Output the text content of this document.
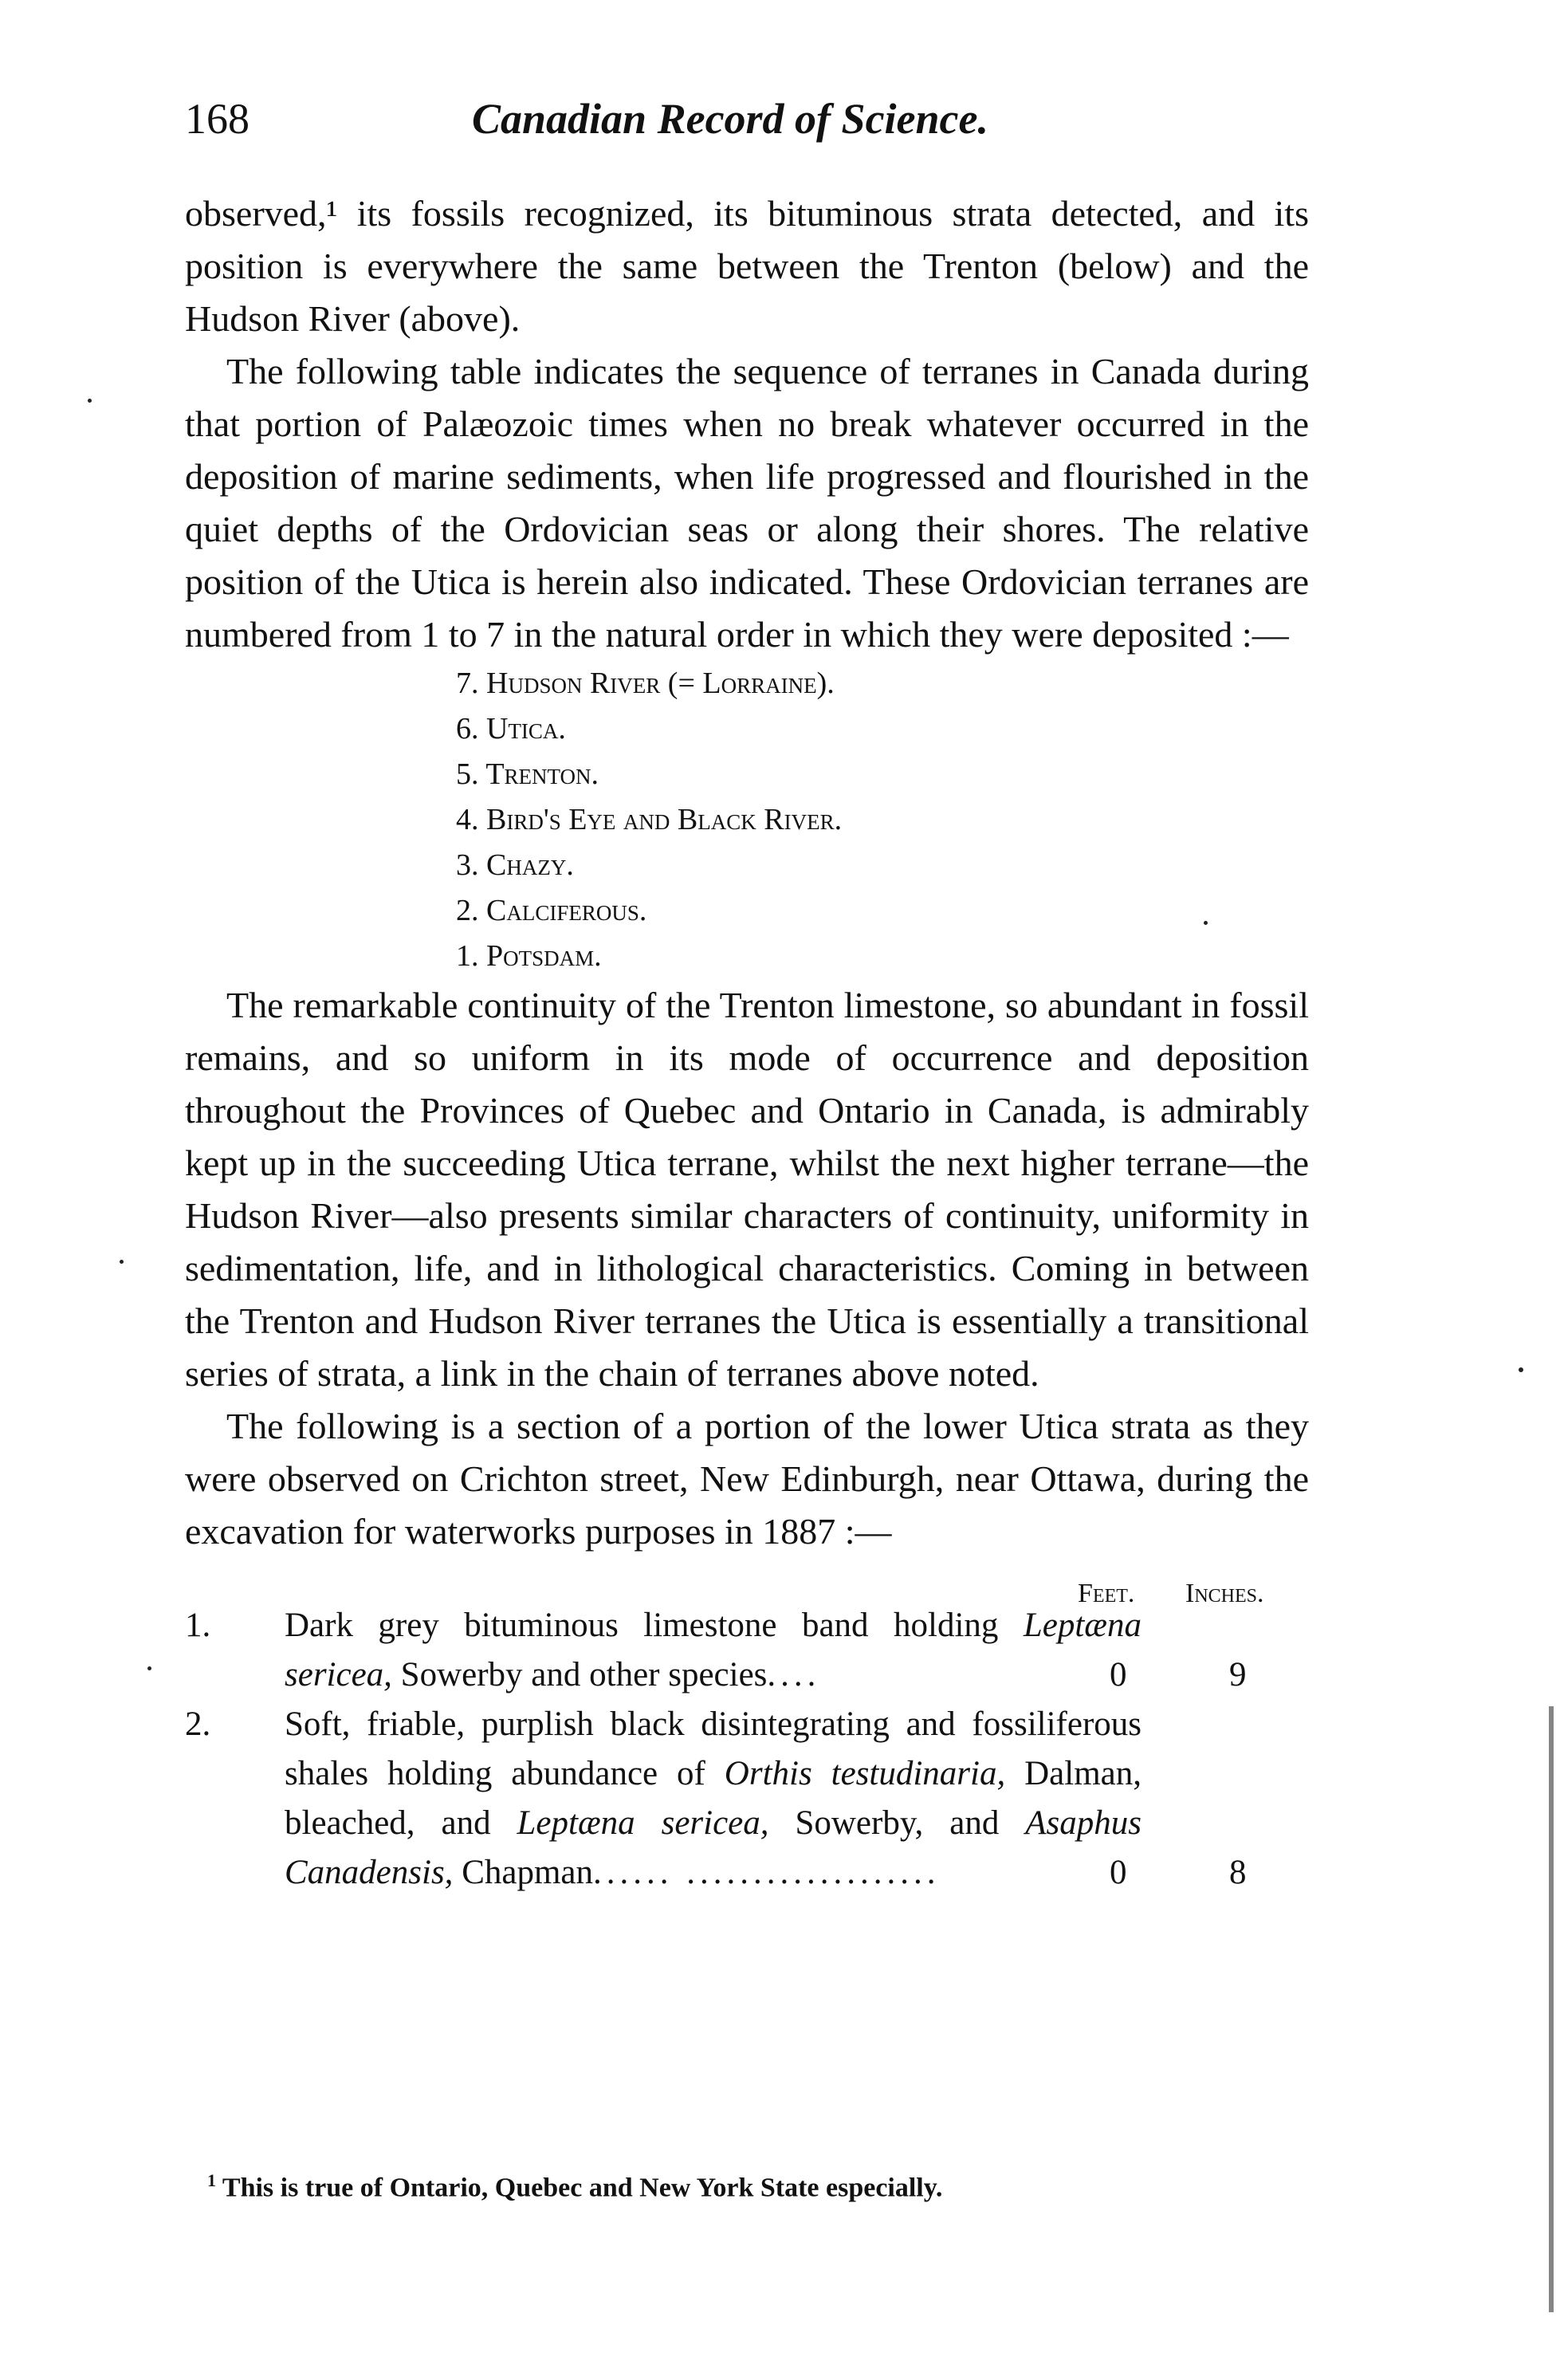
168	Canadian Record of Science.

observed,¹ its fossils recognized, its bituminous strata detected, and its position is everywhere the same between the Trenton (below) and the Hudson River (above).

The following table indicates the sequence of terranes in Canada during that portion of Palæozoic times when no break whatever occurred in the deposition of marine sediments, when life progressed and flourished in the quiet depths of the Ordovician seas or along their shores. The relative position of the Utica is herein also indicated. These Ordovician terranes are numbered from 1 to 7 in the natural order in which they were deposited :—

7. Hudson River (= Lorraine).
6. Utica.
5. Trenton.
4. Bird's Eye and Black River.
3. Chazy.
2. Calciferous.
1. Potsdam.

The remarkable continuity of the Trenton limestone, so abundant in fossil remains, and so uniform in its mode of occurrence and deposition throughout the Provinces of Quebec and Ontario in Canada, is admirably kept up in the succeeding Utica terrane, whilst the next higher terrane—the Hudson River—also presents similar characters of continuity, uniformity in sedimentation, life, and in lithological characteristics. Coming in between the Trenton and Hudson River terranes the Utica is essentially a transitional series of strata, a link in the chain of terranes above noted.

The following is a section of a portion of the lower Utica strata as they were observed on Crichton street, New Edinburgh, near Ottawa, during the excavation for waterworks purposes in 1887 :—

Feet. Inches.
1. Dark grey bituminous limestone band holding Leptæna sericea, Sowerby and other species....	0	9
2. Soft, friable, purplish black disintegrating and fossiliferous shales holding abundance of Orthis testudinaria, Dalman, bleached, and Leptæna sericea, Sowerby, and Asaphus Canadensis, Chapman...... ...................	0	8
$^1$ This is true of Ontario, Quebec and New York State especially.
